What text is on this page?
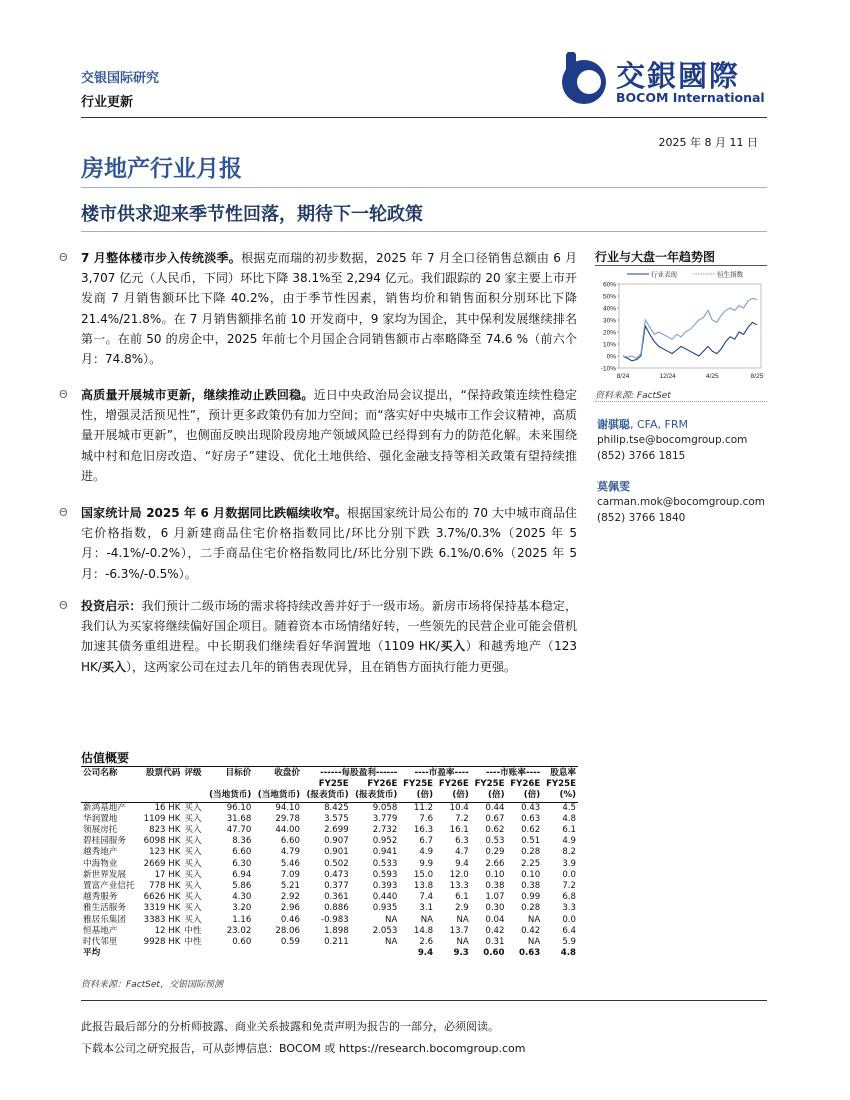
交银国际研究
行业更新
交銀國際
BOCOM International
2025 年 8 月 11 日
房地产行业月报
楼市供求迎来季节性回落，期待下一轮政策
Θ 7 月整体楼市步入传统淡季。根据克而瑞的初步数据，2025 年 7 月全口径销售总额由 6 月 3,707 亿元（人民币，下同）环比下降 38.1%至 2,294 亿元。我们跟踪的 20 家主要上市开发商 7 月销售额环比下降 40.2%，由于季节性因素，销售均价和销售面积分别环比下降 21.4%/21.8%。在 7 月销售额排名前 10 开发商中，9 家均为国企，其中保利发展继续排名第一。在前 50 的房企中，2025 年前七个月国企合同销售额市占率略降至 74.6 %（前六个月：74.8%）。
Θ 高质量开展城市更新，继续推动止跌回稳。近日中央政治局会议提出，“保持政策连续性稳定性，增强灵活预见性”，预计更多政策仍有加力空间；而“落实好中央城市工作会议精神，高质量开展城市更新”，也侧面反映出现阶段房地产领域风险已经得到有力的防范化解。未来围绕城中村和危旧房改造、“好房子”建设、优化土地供给、强化金融支持等相关政策有望持续推进。
Θ 国家统计局 2025 年 6 月数据同比跌幅续收窄。根据国家统计局公布的 70 大中城市商品住宅价格指数，6 月新建商品住宅价格指数同比/环比分别下跌 3.7%/0.3%（2025 年 5 月：-4.1%/-0.2%），二手商品住宅价格指数同比/环比分别下跌 6.1%/0.6%（2025 年 5 月：-6.3%/-0.5%）。
Θ 投资启示：我们预计二级市场的需求将持续改善并好于一级市场。新房市场将保持基本稳定，我们认为买家将继续偏好国企项目。随着资本市场情绪好转，一些领先的民营企业可能会借机加速其债务重组进程。中长期我们继续看好华润置地（1109 HK/买入）和越秀地产（123 HK/买入），这两家公司在过去几年的销售表现优异，且在销售方面执行能力更强。
行业与大盘一年趋势图
60%
50%
40%
30%
20%
10%
0%
-10%
8/24	12/24	4/25	8/25
行业表现	恒生指数
资料来源: FactSet
谢骐聪, CFA, FRM
philip.tse@bocomgroup.com
(852) 3766 1815
莫佩雯
carman.mok@bocomgroup.com
(852) 3766 1840
估值概要
公司名称	股票代码	评级	目标价	收盘价	------每股盈利------		----市盈率----		----市账率----		股息率
					FY25E	FY26E	FY25E	FY26E	FY25E	FY26E	FY25E
			(当地货币)	(当地货币)	(报表货币)	(报表货币)	(倍)	(倍)	(倍)	(倍)	(%)
新鸿基地产	16 HK	买入	96.10	94.10	8.425	9.058	11.2	10.4	0.44	0.43	4.5
华润置地	1109 HK	买入	31.68	29.78	3.575	3.779	7.6	7.2	0.67	0.63	4.8
领展房托	823 HK	买入	47.70	44.00	2.699	2.732	16.3	16.1	0.62	0.62	6.1
碧桂园服务	6098 HK	买入	8.36	6.60	0.907	0.952	6.7	6.3	0.53	0.51	4.9
越秀地产	123 HK	买入	6.60	4.79	0.901	0.941	4.9	4.7	0.29	0.28	8.2
中海物业	2669 HK	买入	6.30	5.46	0.502	0.533	9.9	9.4	2.66	2.25	3.9
新世界发展	17 HK	买入	6.94	7.09	0.473	0.593	15.0	12.0	0.10	0.10	0.0
置富产业信托	778 HK	买入	5.86	5.21	0.377	0.393	13.8	13.3	0.38	0.38	7.2
越秀服务	6626 HK	买入	4.30	2.92	0.361	0.440	7.4	6.1	1.07	0.99	6.8
雅生活服务	3319 HK	买入	3.20	2.96	0.886	0.935	3.1	2.9	0.30	0.28	3.3
雅居乐集团	3383 HK	买入	1.16	0.46	-0.983	NA	NA	NA	0.04	NA	0.0
恒基地产	12 HK	中性	23.02	28.06	1.898	2.053	14.8	13.7	0.42	0.42	6.4
时代邻里	9928 HK	中性	0.60	0.59	0.211	NA	2.6	NA	0.31	NA	5.9
平均							9.4	9.3	0.60	0.63	4.8
资料来源：FactSet，交银国际预测
此报告最后部分的分析师披露、商业关系披露和免责声明为报告的一部分，必须阅读。
下载本公司之研究报告，可从彭博信息：BOCOM 或 https://research.bocomgroup.com
